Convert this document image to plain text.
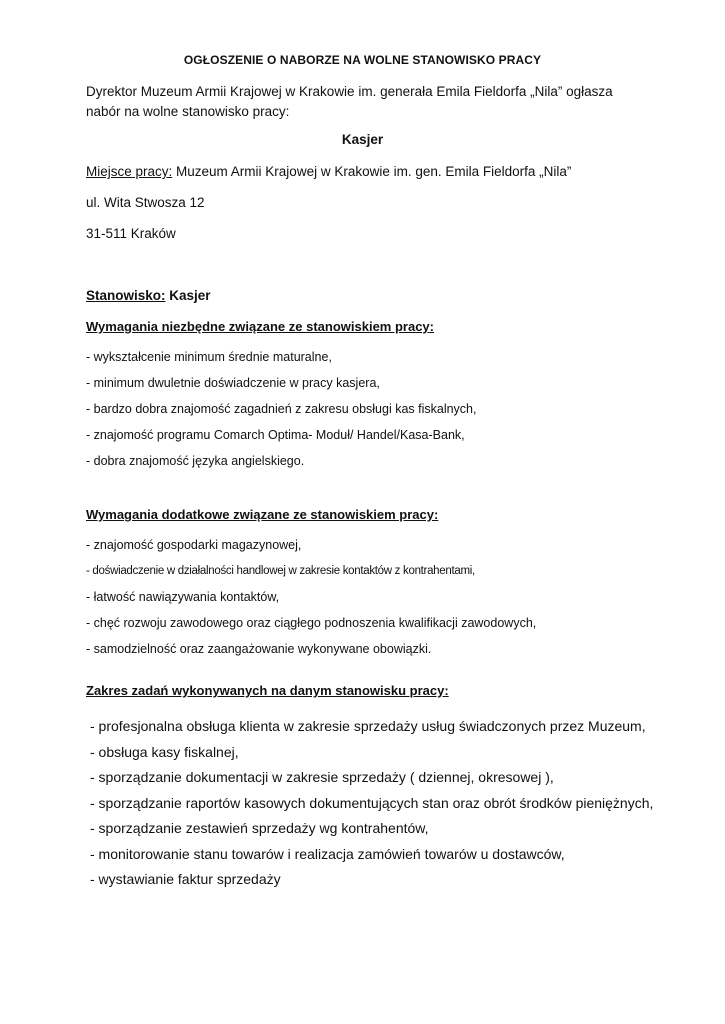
OGŁOSZENIE O NABORZE NA WOLNE STANOWISKO PRACY
Dyrektor Muzeum Armii Krajowej w Krakowie im. generała Emila Fieldorfa „Nila” ogłasza nabór na wolne stanowisko pracy:
Kasjer
Miejsce pracy: Muzeum Armii Krajowej w Krakowie im. gen. Emila Fieldorfa „Nila”
ul. Wita Stwosza 12
31-511 Kraków
Stanowisko: Kasjer
Wymagania niezbędne związane ze stanowiskiem pracy:
- wykształcenie minimum średnie maturalne,
- minimum dwuletnie doświadczenie w pracy kasjera,
- bardzo dobra znajomość zagadnień z zakresu obsługi kas fiskalnych,
- znajomość programu Comarch Optima- Moduł/ Handel/Kasa-Bank,
- dobra znajomość języka angielskiego.
Wymagania dodatkowe związane ze stanowiskiem pracy:
- znajomość gospodarki magazynowej,
- doświadczenie w działalności handlowej w zakresie kontaktów z kontrahentami,
- łatwość nawiązywania kontaktów,
- chęć rozwoju zawodowego oraz ciągłego podnoszenia kwalifikacji zawodowych,
- samodzielność oraz zaangażowanie wykonywane obowiązki.
Zakres zadań wykonywanych na danym stanowisku pracy:
- profesjonalna obsługa klienta w zakresie sprzedaży usług świadczonych przez Muzeum,
- obsługa kasy fiskalnej,
- sporządzanie dokumentacji w zakresie sprzedaży ( dziennej, okresowej ),
- sporządzanie raportów kasowych dokumentujących stan oraz obrót środków pieniężnych,
- sporządzanie zestawień sprzedaży wg kontrahentów,
- monitorowanie stanu towarów i realizacja zamówień towarów u dostawców,
- wystawianie faktur sprzedaży
